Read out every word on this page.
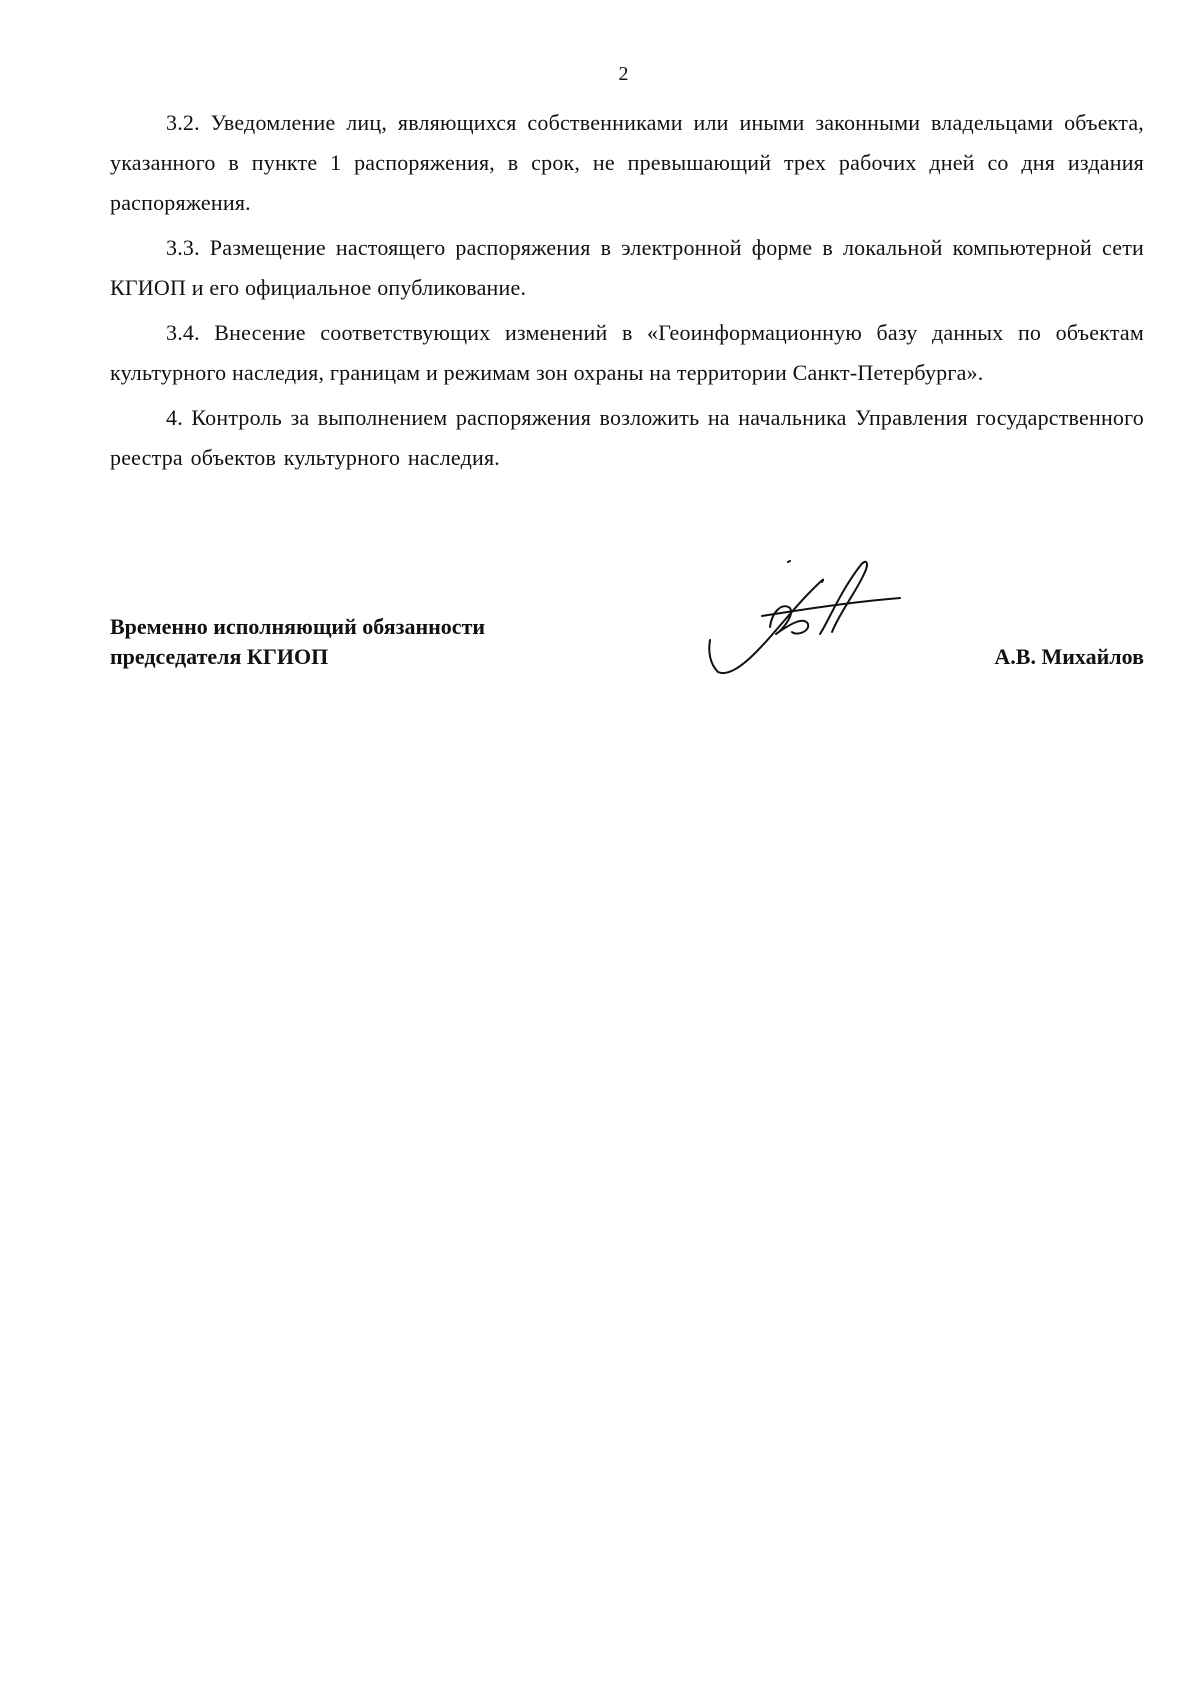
2

3.2. Уведомление лиц, являющихся собственниками или иными законными владельцами объекта, указанного в пункте 1 распоряжения, в срок, не превышающий трех рабочих дней со дня издания распоряжения.

3.3. Размещение настоящего распоряжения в электронной форме в локальной компьютерной сети КГИОП и его официальное опубликование.

3.4. Внесение соответствующих изменений в «Геоинформационную базу данных по объектам культурного наследия, границам и режимам зон охраны на территории Санкт-Петербурга».

4. Контроль за выполнением распоряжения возложить на начальника Управления государственного реестра объектов культурного наследия.

Временно исполняющий обязанности
председателя КГИОП	А.В. Михайлов
